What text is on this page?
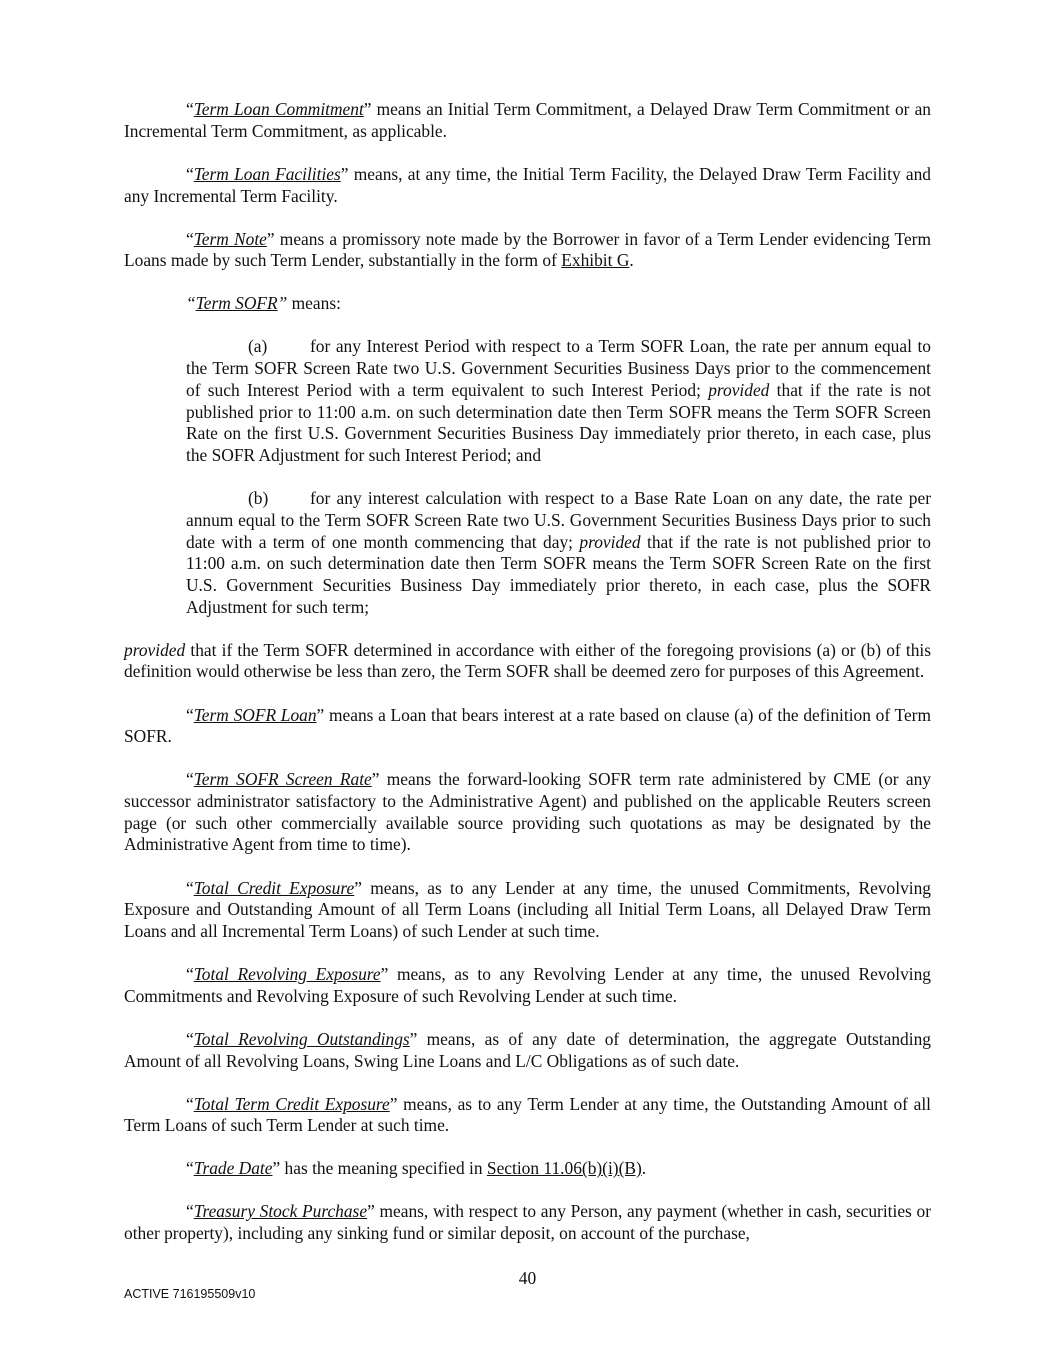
“Term Loan Commitment” means an Initial Term Commitment, a Delayed Draw Term Commitment or an Incremental Term Commitment, as applicable.

“Term Loan Facilities” means, at any time, the Initial Term Facility, the Delayed Draw Term Facility and any Incremental Term Facility.

“Term Note” means a promissory note made by the Borrower in favor of a Term Lender evidencing Term Loans made by such Term Lender, substantially in the form of Exhibit G.

“Term SOFR” means:

(a) for any Interest Period with respect to a Term SOFR Loan, the rate per annum equal to the Term SOFR Screen Rate two U.S. Government Securities Business Days prior to the commencement of such Interest Period with a term equivalent to such Interest Period; provided that if the rate is not published prior to 11:00 a.m. on such determination date then Term SOFR means the Term SOFR Screen Rate on the first U.S. Government Securities Business Day immediately prior thereto, in each case, plus the SOFR Adjustment for such Interest Period; and

(b) for any interest calculation with respect to a Base Rate Loan on any date, the rate per annum equal to the Term SOFR Screen Rate two U.S. Government Securities Business Days prior to such date with a term of one month commencing that day; provided that if the rate is not published prior to 11:00 a.m. on such determination date then Term SOFR means the Term SOFR Screen Rate on the first U.S. Government Securities Business Day immediately prior thereto, in each case, plus the SOFR Adjustment for such term;

provided that if the Term SOFR determined in accordance with either of the foregoing provisions (a) or (b) of this definition would otherwise be less than zero, the Term SOFR shall be deemed zero for purposes of this Agreement.

“Term SOFR Loan” means a Loan that bears interest at a rate based on clause (a) of the definition of Term SOFR.

“Term SOFR Screen Rate” means the forward-looking SOFR term rate administered by CME (or any successor administrator satisfactory to the Administrative Agent) and published on the applicable Reuters screen page (or such other commercially available source providing such quotations as may be designated by the Administrative Agent from time to time).

“Total Credit Exposure” means, as to any Lender at any time, the unused Commitments, Revolving Exposure and Outstanding Amount of all Term Loans (including all Initial Term Loans, all Delayed Draw Term Loans and all Incremental Term Loans) of such Lender at such time.

“Total Revolving Exposure” means, as to any Revolving Lender at any time, the unused Revolving Commitments and Revolving Exposure of such Revolving Lender at such time.

“Total Revolving Outstandings” means, as of any date of determination, the aggregate Outstanding Amount of all Revolving Loans, Swing Line Loans and L/C Obligations as of such date.

“Total Term Credit Exposure” means, as to any Term Lender at any time, the Outstanding Amount of all Term Loans of such Term Lender at such time.

“Trade Date” has the meaning specified in Section 11.06(b)(i)(B).

“Treasury Stock Purchase” means, with respect to any Person, any payment (whether in cash, securities or other property), including any sinking fund or similar deposit, on account of the purchase,

40
ACTIVE 716195509v10
